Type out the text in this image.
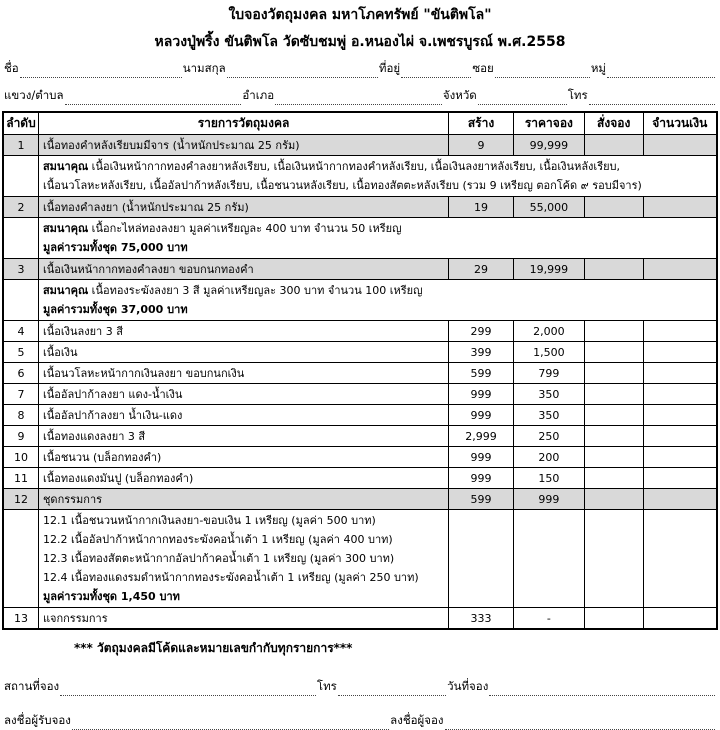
ใบจองวัตถุมงคล มหาโภคทรัพย์ "ขันติพโล"
หลวงปู่พริ้ง ขันติพโล วัดซับชมพู่ อ.หนองไผ่ จ.เพชรบูรณ์ พ.ศ.2558
ชื่อ	นามสกุล	ที่อยู่	ซอย	หมู่
แขวง/ตำบล	อำเภอ	จังหวัด	โทร
ลำดับ	รายการวัตถุมงคล	สร้าง	ราคาจอง	สั่งจอง	จำนวนเงิน
1	เนื้อทองคำหลังเรียบมมีจาร (น้ำหนักประมาณ 25 กรัม)	9	99,999		

	สมนาคุณ เนื้อเงินหน้ากากทองคำลงยาหลังเรียบ, เนื้อเงินหน้ากากทองคำหลังเรียบ, เนื้อเงินลงยาหลังเรียบ, เนื้อเงินหลังเรียบ,
เนื้อนวโลหะหลังเรียบ, เนื้ออัลปาก้าหลังเรียบ, เนื้อชนวนหลังเรียบ, เนื้อทองสัตตะหลังเรียบ (รวม 9 เหรียญ ตอกโค้ด ๙ รอบมีจาร)				

2	เนื้อทองคำลงยา (น้ำหนักประมาณ 25 กรัม)	19	55,000		

	สมนาคุณ เนื้อกะไหล่ทองลงยา มูลค่าเหรียญละ 400 บาท จำนวน 50 เหรียญ
มูลค่ารวมทั้งชุด 75,000 บาท				

3	เนื้อเงินหน้ากากทองคำลงยา ขอบกนกทองคำ	29	19,999		

	สมนาคุณ เนื้อทองระฆังลงยา 3 สี มูลค่าเหรียญละ 300 บาท จำนวน 100 เหรียญ
มูลค่ารวมทั้งชุด 37,000 บาท				

4	เนื้อเงินลงยา 3 สี	299	2,000		
5	เนื้อเงิน	399	1,500		
6	เนื้อนวโลหะหน้ากากเงินลงยา ขอบกนกเงิน	599	799		
7	เนื้ออัลปาก้าลงยา แดง-น้ำเงิน	999	350		
8	เนื้ออัลปาก้าลงยา น้ำเงิน-แดง	999	350		
9	เนื้อทองแดงลงยา 3 สี	2,999	250		
10	เนื้อชนวน (บล็อกทองคำ)	999	200		
11	เนื้อทองแดงมันปู (บล็อกทองคำ)	999	150		
12	ชุดกรรมการ	599	999		

	12.1 เนื้อชนวนหน้ากากเงินลงยา-ขอบเงิน 1 เหรียญ (มูลค่า 500 บาท)
12.2 เนื้ออัลปาก้าหน้ากากทองระฆังคอน้ำเต้า 1 เหรียญ (มูลค่า 400 บาท)
12.3 เนื้อทองสัตตะหน้ากากอัลปาก้าคอน้ำเต้า 1 เหรียญ (มูลค่า 300 บาท)
12.4 เนื้อทองแดงรมดำหน้ากากทองระฆังคอน้ำเต้า 1 เหรียญ (มูลค่า 250 บาท)
มูลค่ารวมทั้งชุด 1,450 บาท				

13	แจกกรรมการ	333	-		
*** วัตถุมงคลมีโค้ดและหมายเลขกำกับทุกรายการ***
สถานที่จอง	โทร	วันที่จอง
ลงชื่อผู้รับจอง	ลงชื่อผู้จอง
